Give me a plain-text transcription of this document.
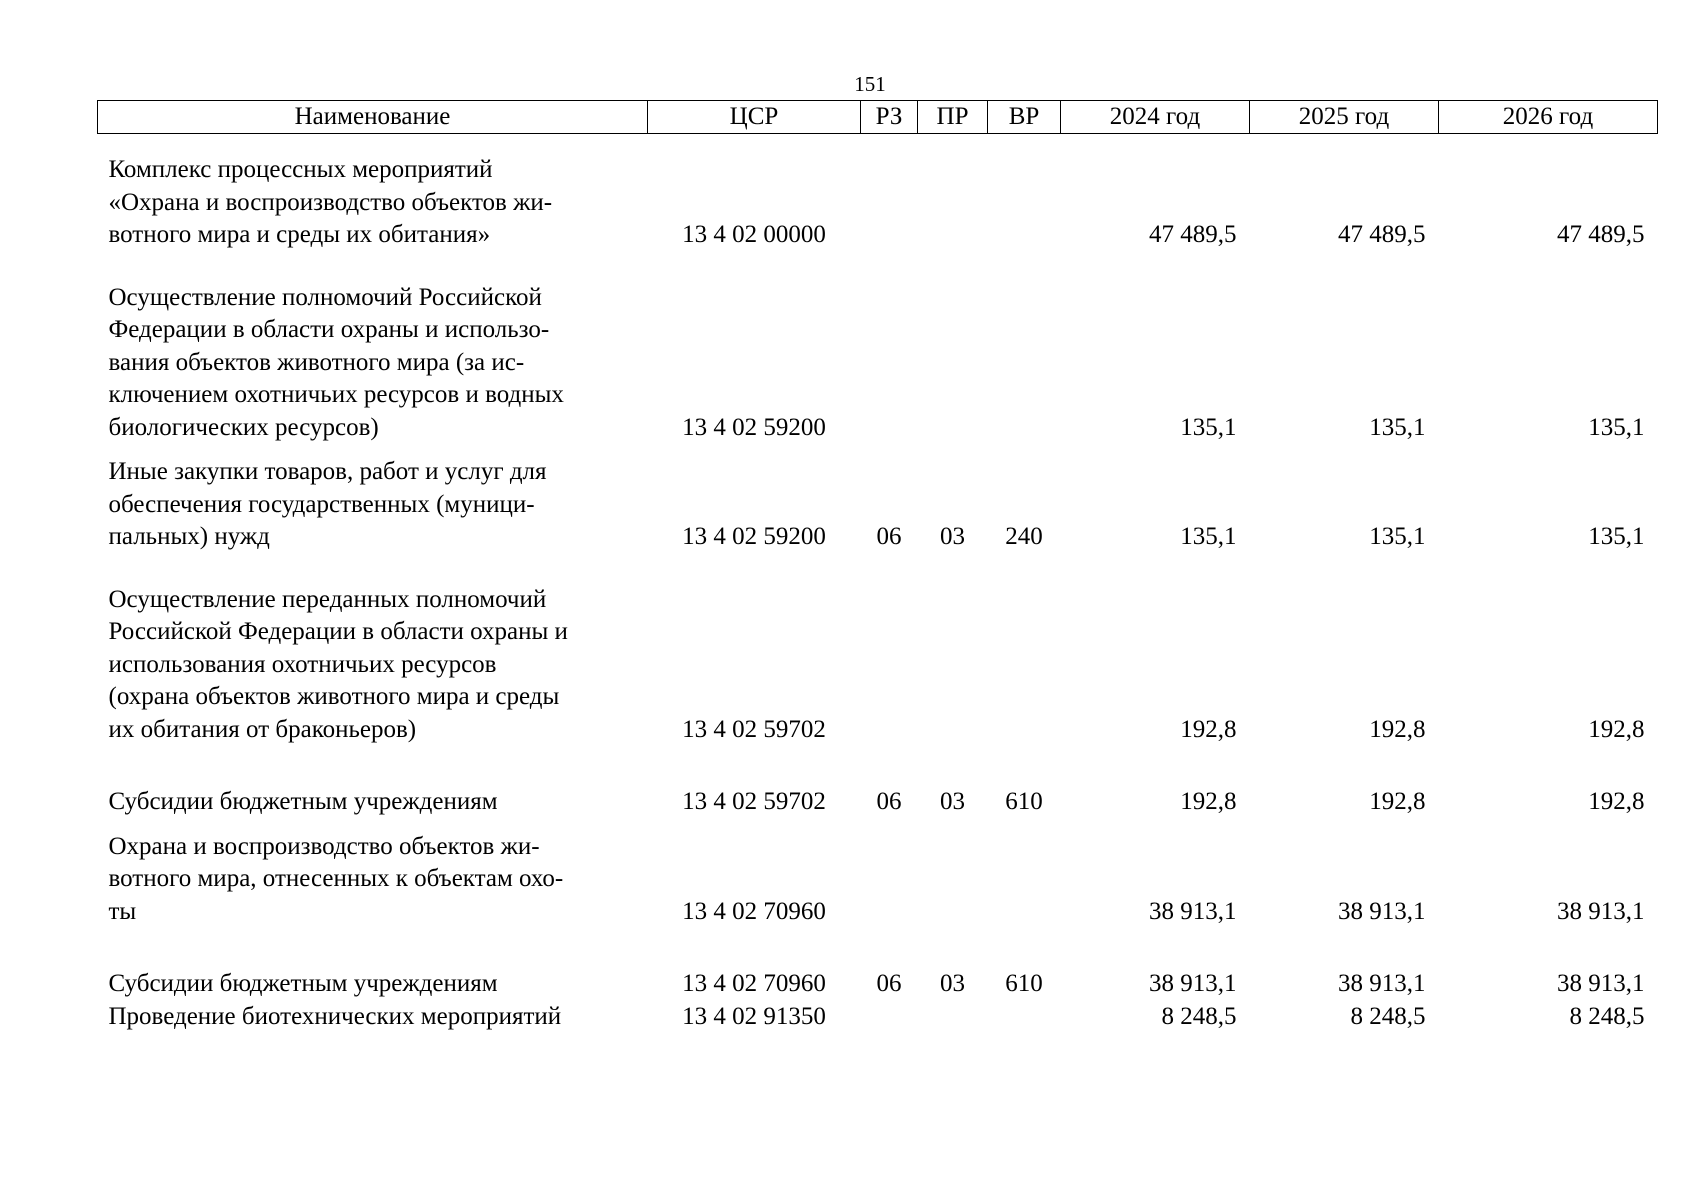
151
Наименование	ЦСР	РЗ	ПР	ВР	2024 год	2025 год	2026 год

Комплекс процессных мероприятий
«Охрана и воспроизводство объектов жи-
вотного мира и среды их обитания»	13 4 02 00000				47 489,5	47 489,5	47 489,5

Осуществление полномочий Российской
Федерации в области охраны и использо-
вания объектов животного мира (за ис-
ключением охотничьих ресурсов и водных
биологических ресурсов)	13 4 02 59200				135,1	135,1	135,1

Иные закупки товаров, работ и услуг для
обеспечения государственных (муници-
пальных) нужд	13 4 02 59200	06	03	240	135,1	135,1	135,1

Осуществление переданных полномочий
Российской Федерации в области охраны и
использования охотничьих ресурсов
(охрана объектов животного мира и среды
их обитания от браконьеров)	13 4 02 59702				192,8	192,8	192,8

Субсидии бюджетным учреждениям	13 4 02 59702	06	03	610	192,8	192,8	192,8

Охрана и воспроизводство объектов жи-
вотного мира, отнесенных к объектам охо-
ты	13 4 02 70960				38 913,1	38 913,1	38 913,1

Субсидии бюджетным учреждениям	13 4 02 70960	06	03	610	38 913,1	38 913,1	38 913,1

Проведение биотехнических мероприятий	13 4 02 91350				8 248,5	8 248,5	8 248,5
